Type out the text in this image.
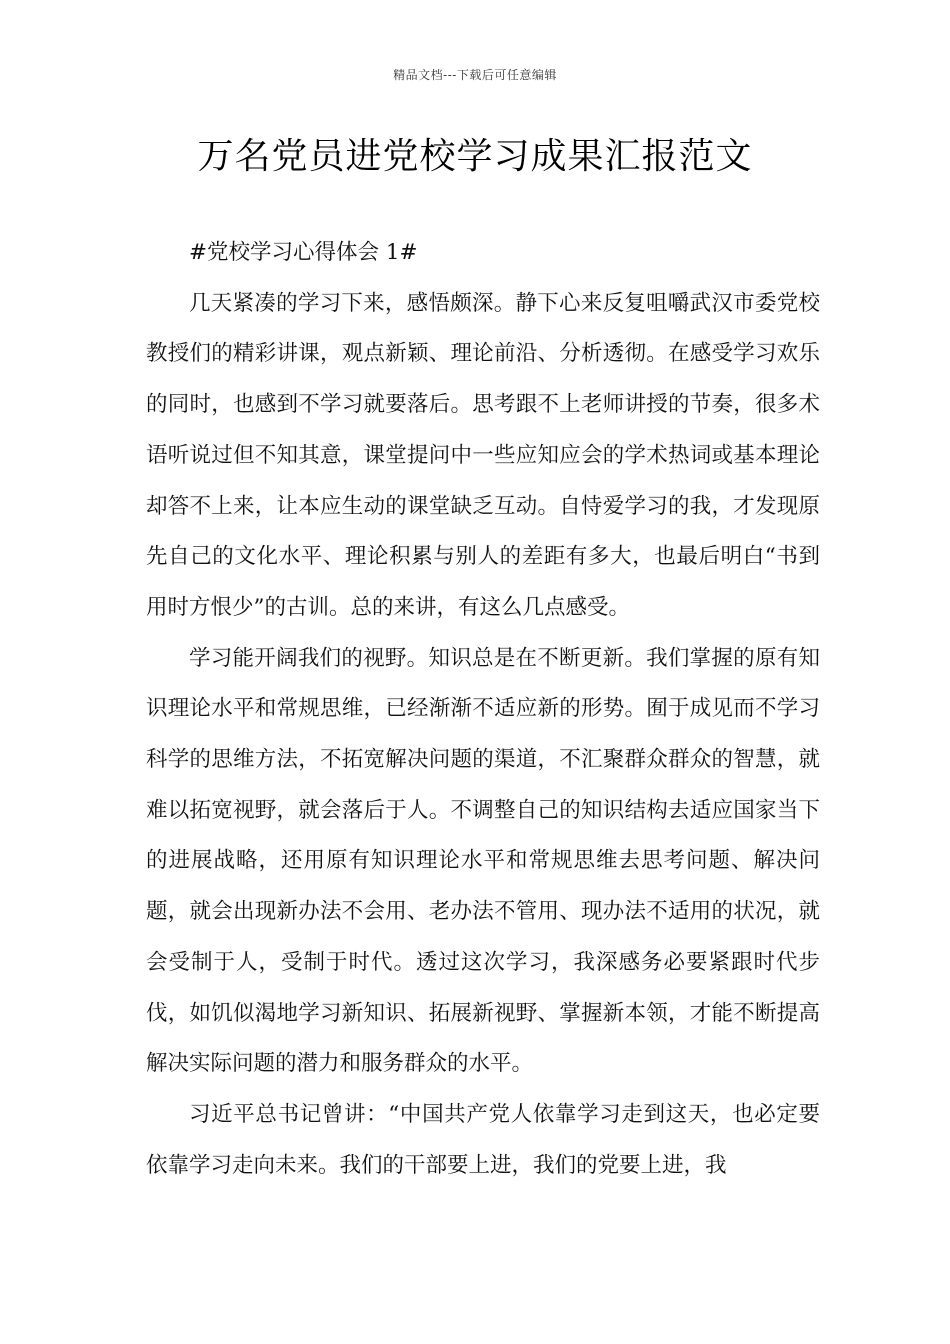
精品文档---下载后可任意编辑
万名党员进党校学习成果汇报范文

#党校学习心得体会 1#

几天紧凑的学习下来，感悟颇深。静下心来反复咀嚼武汉市委党校教授们的精彩讲课，观点新颖、理论前沿、分析透彻。在感受学习欢乐的同时，也感到不学习就要落后。思考跟不上老师讲授的节奏，很多术语听说过但不知其意，课堂提问中一些应知应会的学术热词或基本理论却答不上来，让本应生动的课堂缺乏互动。自恃爱学习的我，才发现原先自己的文化水平、理论积累与别人的差距有多大，也最后明白“书到用时方恨少”的古训。总的来讲，有这么几点感受。

学习能开阔我们的视野。知识总是在不断更新。我们掌握的原有知识理论水平和常规思维，已经渐渐不适应新的形势。囿于成见而不学习科学的思维方法，不拓宽解决问题的渠道，不汇聚群众群众的智慧，就难以拓宽视野，就会落后于人。不调整自己的知识结构去适应国家当下的进展战略，还用原有知识理论水平和常规思维去思考问题、解决问题，就会出现新办法不会用、老办法不管用、现办法不适用的状况，就会受制于人，受制于时代。透过这次学习，我深感务必要紧跟时代步伐，如饥似渴地学习新知识、拓展新视野、掌握新本领，才能不断提高解决实际问题的潜力和服务群众的水平。

习近平总书记曾讲：“中国共产党人依靠学习走到这天，也必定要依靠学习走向未来。我们的干部要上进，我们的党要上进，我
